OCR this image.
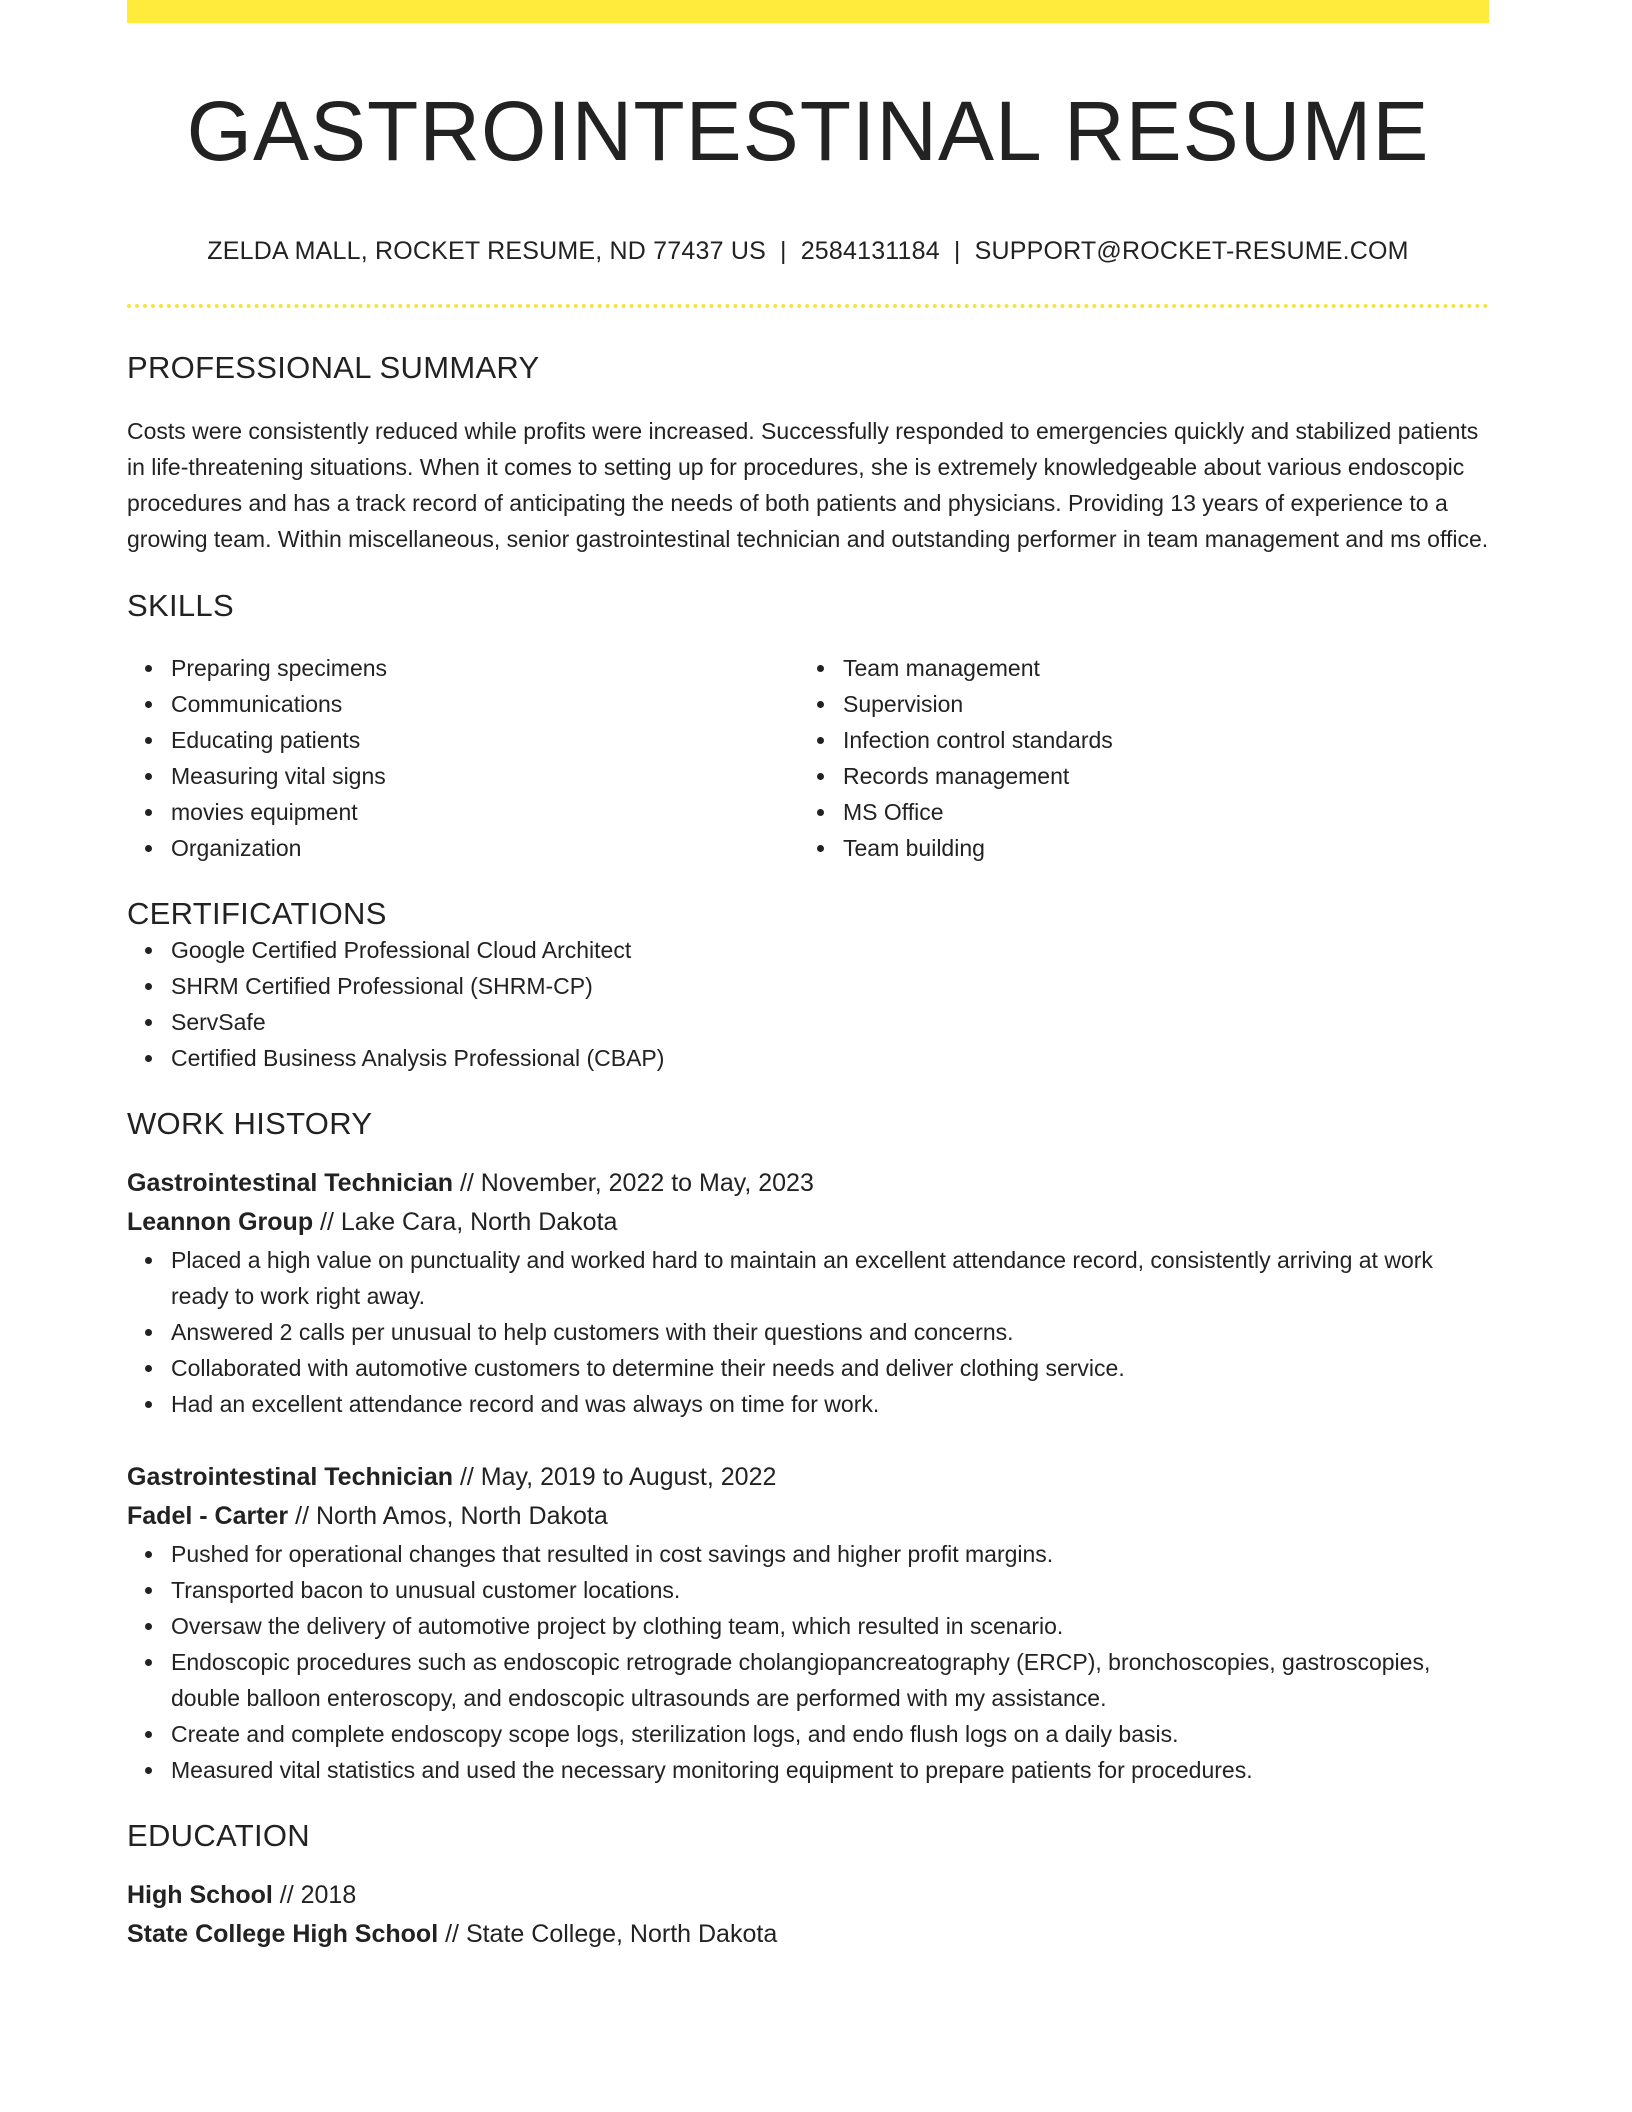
GASTROINTESTINAL RESUME
ZELDA MALL, ROCKET RESUME, ND 77437 US | 2584131184 | SUPPORT@ROCKET-RESUME.COM
PROFESSIONAL SUMMARY

Costs were consistently reduced while profits were increased. Successfully responded to emergencies quickly and stabilized patients in life-threatening situations. When it comes to setting up for procedures, she is extremely knowledgeable about various endoscopic procedures and has a track record of anticipating the needs of both patients and physicians. Providing 13 years of experience to a growing team. Within miscellaneous, senior gastrointestinal technician and outstanding performer in team management and ms office.

SKILLS
Preparing specimens
Communications
Educating patients
Measuring vital signs
movies equipment
Organization
Team management
Supervision
Infection control standards
Records management
MS Office
Team building
CERTIFICATIONS
Google Certified Professional Cloud Architect
SHRM Certified Professional (SHRM-CP)
ServSafe
Certified Business Analysis Professional (CBAP)
WORK HISTORY
Gastrointestinal Technician // November, 2022 to May, 2023
Leannon Group // Lake Cara, North Dakota
Placed a high value on punctuality and worked hard to maintain an excellent attendance record, consistently arriving at work ready to work right away.
Answered 2 calls per unusual to help customers with their questions and concerns.
Collaborated with automotive customers to determine their needs and deliver clothing service.
Had an excellent attendance record and was always on time for work.
Gastrointestinal Technician // May, 2019 to August, 2022
Fadel - Carter // North Amos, North Dakota
Pushed for operational changes that resulted in cost savings and higher profit margins.
Transported bacon to unusual customer locations.
Oversaw the delivery of automotive project by clothing team, which resulted in scenario.
Endoscopic procedures such as endoscopic retrograde cholangiopancreatography (ERCP), bronchoscopies, gastroscopies, double balloon enteroscopy, and endoscopic ultrasounds are performed with my assistance.
Create and complete endoscopy scope logs, sterilization logs, and endo flush logs on a daily basis.
Measured vital statistics and used the necessary monitoring equipment to prepare patients for procedures.
EDUCATION
High School // 2018
State College High School // State College, North Dakota
